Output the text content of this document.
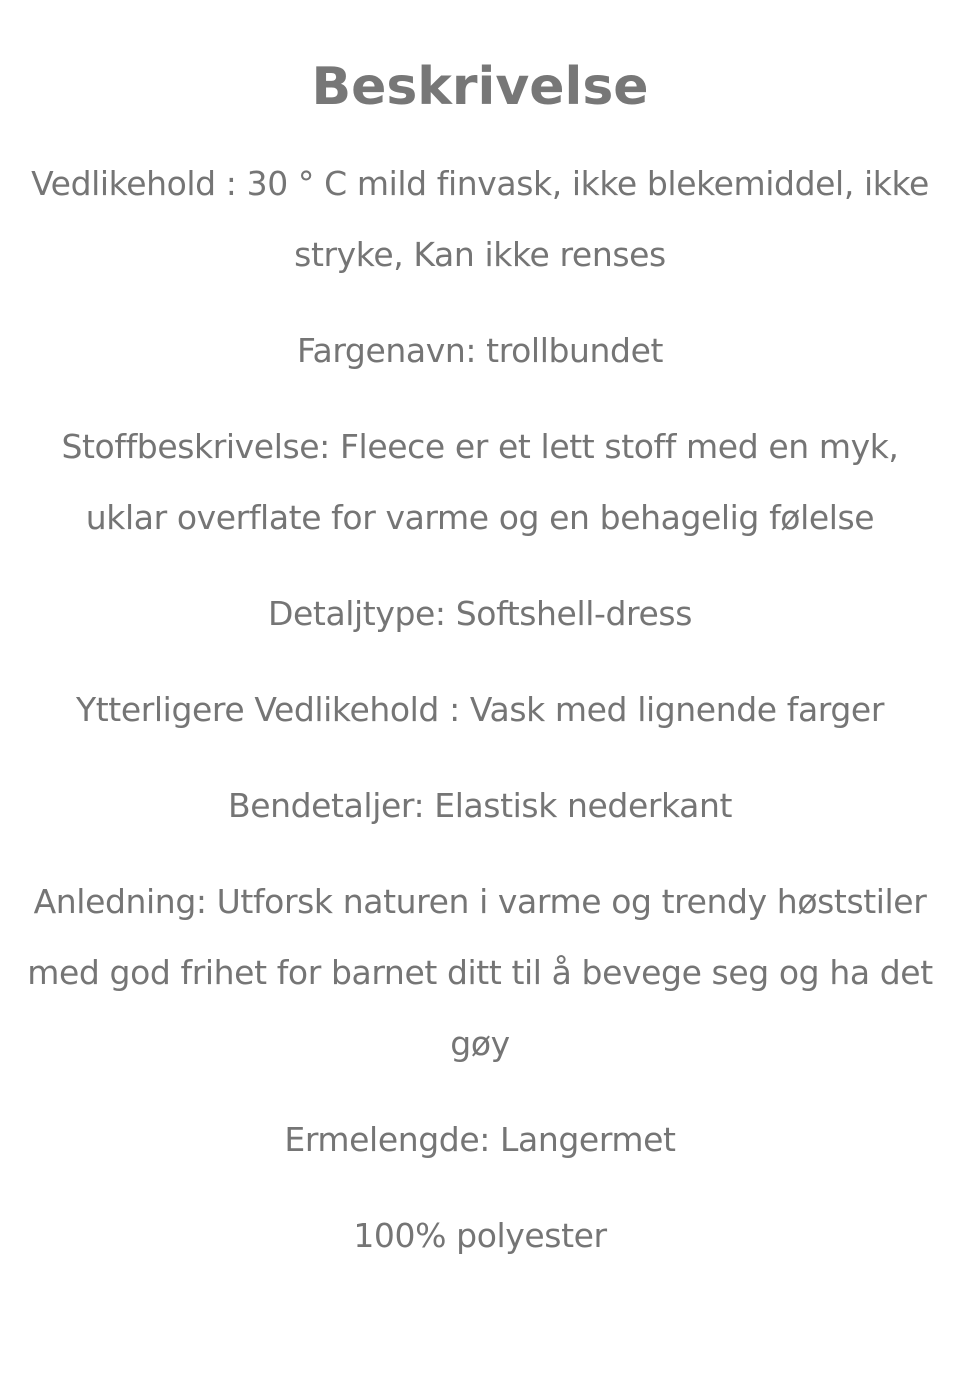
Beskrivelse

Vedlikehold : 30 ° C mild finvask, ikke blekemiddel, ikke stryke, Kan ikke renses

Fargenavn: trollbundet

Stoffbeskrivelse: Fleece er et lett stoff med en myk, uklar overflate for varme og en behagelig følelse

Detaljtype: Softshell-dress

Ytterligere Vedlikehold : Vask med lignende farger

Bendetaljer: Elastisk nederkant

Anledning: Utforsk naturen i varme og trendy høststiler med god frihet for barnet ditt til å bevege seg og ha det gøy

Ermelengde: Langermet

100% polyester
